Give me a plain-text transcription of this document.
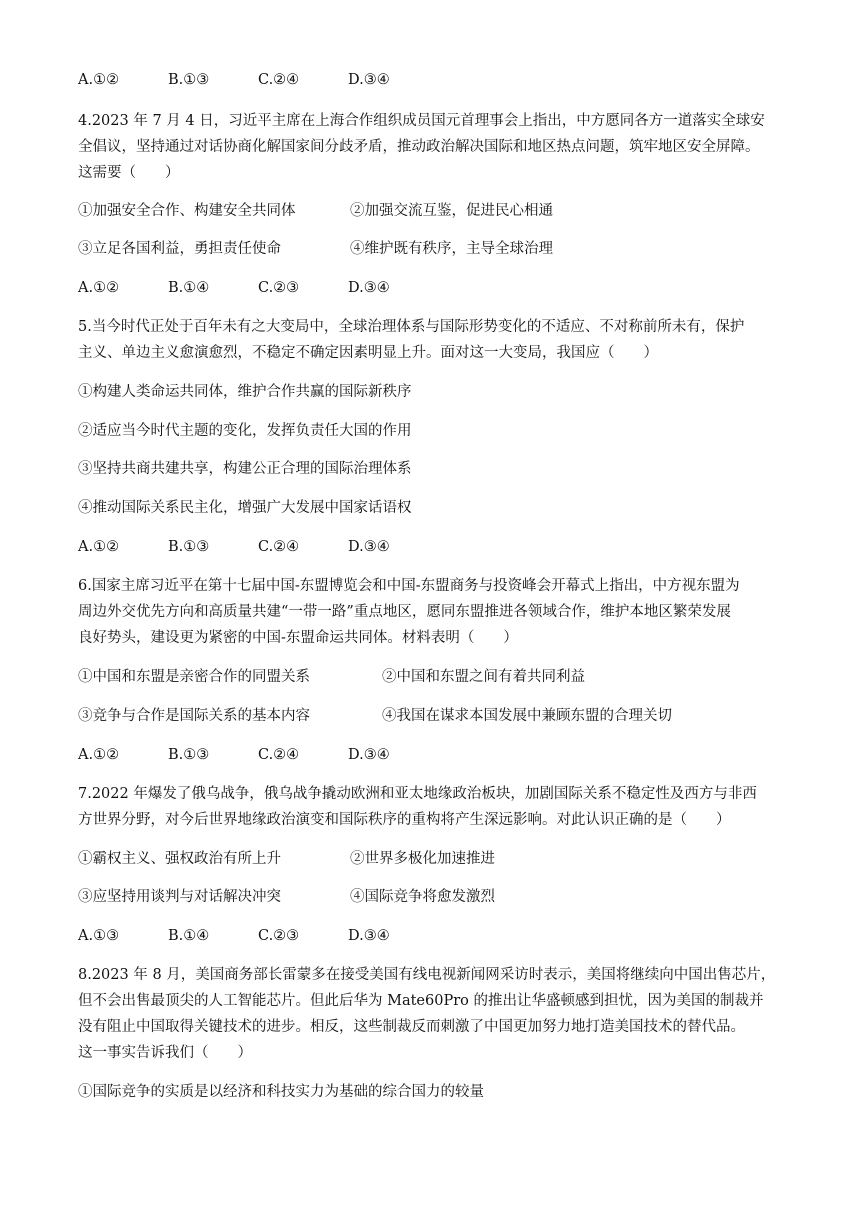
A.①②	B.①③	C.②④	D.③④
4.2023 年 7 月 4 日，习近平主席在上海合作组织成员国元首理事会上指出，中方愿同各方一道落实全球安
全倡议，坚持通过对话协商化解国家间分歧矛盾，推动政治解决国际和地区热点问题，筑牢地区安全屏障。
这需要（　　）
①加强安全合作、构建安全共同体	②加强交流互鉴，促进民心相通
③立足各国利益，勇担责任使命	④维护既有秩序，主导全球治理
A.①②	B.①④	C.②③	D.③④
5.当今时代正处于百年未有之大变局中，全球治理体系与国际形势变化的不适应、不对称前所未有，保护
主义、单边主义愈演愈烈，不稳定不确定因素明显上升。面对这一大变局，我国应（　　）
①构建人类命运共同体，维护合作共赢的国际新秩序
②适应当今时代主题的变化，发挥负责任大国的作用
③坚持共商共建共享，构建公正合理的国际治理体系
④推动国际关系民主化，增强广大发展中国家话语权
A.①②	B.①③	C.②④	D.③④
6.国家主席习近平在第十七届中国-东盟博览会和中国-东盟商务与投资峰会开幕式上指出，中方视东盟为
周边外交优先方向和高质量共建“一带一路”重点地区，愿同东盟推进各领域合作，维护本地区繁荣发展
良好势头，建设更为紧密的中国-东盟命运共同体。材料表明（　　）
①中国和东盟是亲密合作的同盟关系	②中国和东盟之间有着共同利益
③竞争与合作是国际关系的基本内容	④我国在谋求本国发展中兼顾东盟的合理关切
A.①②	B.①③	C.②④	D.③④
7.2022 年爆发了俄乌战争，俄乌战争撬动欧洲和亚太地缘政治板块，加剧国际关系不稳定性及西方与非西
方世界分野，对今后世界地缘政治演变和国际秩序的重构将产生深远影响。对此认识正确的是（　　）
①霸权主义、强权政治有所上升	②世界多极化加速推进
③应坚持用谈判与对话解决冲突	④国际竞争将愈发激烈
A.①③	B.①④	C.②③	D.③④
8.2023 年 8 月，美国商务部长雷蒙多在接受美国有线电视新闻网采访时表示，美国将继续向中国出售芯片，
但不会出售最顶尖的人工智能芯片。但此后华为 Mate60Pro 的推出让华盛顿感到担忧，因为美国的制裁并
没有阻止中国取得关键技术的进步。相反，这些制裁反而刺激了中国更加努力地打造美国技术的替代品。
这一事实告诉我们（　　）
①国际竞争的实质是以经济和科技实力为基础的综合国力的较量
